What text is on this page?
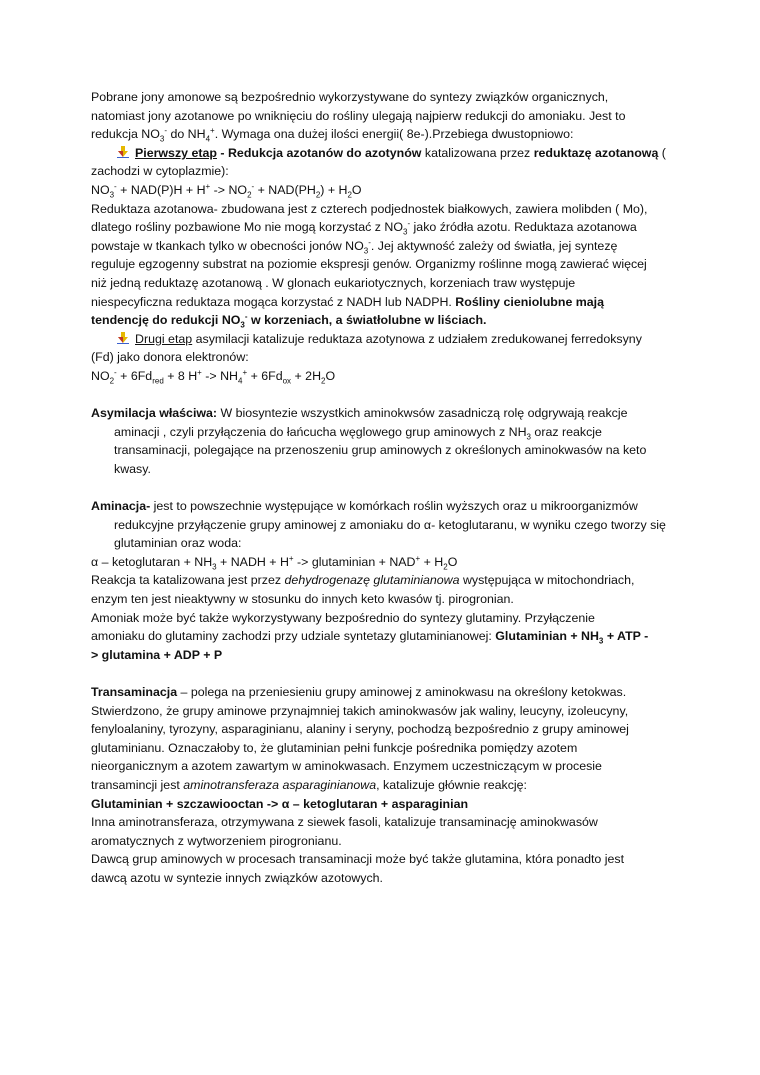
Pobrane jony amonowe są bezpośrednio wykorzystywane do syntezy związków organicznych,

natomiast jony azotanowe po wniknięciu do rośliny ulegają najpierw redukcji do amoniaku. Jest to

redukcja $NO_3^-$ do $NH_4^+$. Wymaga ona dużej ilości energii( 8e-).Przebiega dwustopniowo:

Pierwszy etap - Redukcja azotanów do azotynów katalizowana przez reduktazę azotanową (

zachodzi w cytoplazmie):

$NO_3^- + NAD(P)H + H^+ -> NO_2^- + NAD(PH_2) + H_2O$

Reduktaza azotanowa- zbudowana jest z czterech podjednostek białkowych, zawiera molibden ( Mo),

dlatego rośliny pozbawione Mo nie mogą korzystać z $NO_3^-$ jako źródła azotu. Reduktaza azotanowa

powstaje w tkankach tylko w obecności jonów $NO_3^-$. Jej aktywność zależy od światła, jej syntezę

reguluje egzogenny substrat na poziomie ekspresji genów. Organizmy roślinne mogą zawierać więcej

niż jedną reduktazę azotanową . W glonach eukariotycznych, korzeniach traw występuje

niespecyficzna reduktaza mogąca korzystać z NADH lub NADPH. Rośliny cieniolubne mają

tendencję do redukcji $NO_3^-$ w korzeniach, a światłolubne w liściach.

Drugi etap asymilacji katalizuje reduktaza azotynowa z udziałem zredukowanej ferredoksyny

(Fd) jako donora elektronów:

$NO_2^- + 6Fd_{red} + 8$ $H^+ -> NH_4^+ + 6Fd_{ox} + 2H_2O$

Asymilacja właściwa: W biosyntezie wszystkich aminokwsów zasadniczą rolę odgrywają reakcje

aminacji , czyli przyłączenia do łańcucha węglowego grup aminowych z $NH_3$ oraz reakcje

transaminacji, polegające na przenoszeniu grup aminowych z określonych aminokwasów na keto

kwasy.

Aminacja- jest to powszechnie występujące w komórkach roślin wyższych oraz u mikroorganizmów

redukcyjne przyłączenie grupy aminowej z amoniaku do α- ketoglutaranu, w wyniku czego tworzy się

glutaminian oraz woda:

α – ketoglutaran + $NH_3$ + NADH + H+ -> glutaminian + $NAD^+ + H_2O$

Reakcja ta katalizowana jest przez dehydrogenazę glutaminianowa występująca w mitochondriach,

enzym ten jest nieaktywny w stosunku do innych keto kwasów tj. pirogronian.

Amoniak może być także wykorzystywany bezpośrednio do syntezy glutaminy. Przyłączenie

amoniaku do glutaminy zachodzi przy udziale syntetazy glutaminianowej: Glutaminian + $NH_3$ + ATP -

> glutamina + ADP + P

Transaminacja – polega na przeniesieniu grupy aminowej z aminokwasu na określony ketokwas.

Stwierdzono, że grupy aminowe przynajmniej takich aminokwasów jak waliny, leucyny, izoleucyny,

fenyloalaniny, tyrozyny, asparaginianu, alaniny i seryny, pochodzą bezpośrednio z grupy aminowej

glutaminianu. Oznaczałoby to, że glutaminian pełni funkcje pośrednika pomiędzy azotem

nieorganicznym a azotem zawartym w aminokwasach. Enzymem uczestniczącym w procesie

transamincji jest aminotransferaza asparaginianowa, katalizuje głównie reakcję:

Glutaminian + szczawiooctan -> α – ketoglutaran + asparaginian

Inna aminotransferaza, otrzymywana z siewek fasoli, katalizuje transaminację aminokwasów

aromatycznych z wytworzeniem pirogronianu.

Dawcą grup aminowych w procesach transaminacji może być także glutamina, która ponadto jest

dawcą azotu w syntezie innych związków azotowych.
